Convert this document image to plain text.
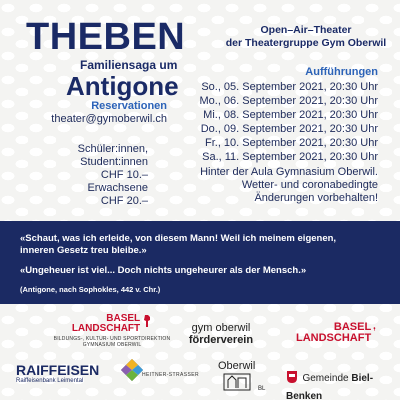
THEBEN
Familiensaga um
Antigone
Reservationen
theater@gymoberwil.ch
Schüler:innen,
Student:innen
CHF 10.–
Erwachsene
CHF 20.–
Open–Air–Theater
der Theatergruppe Gym Oberwil
Aufführungen
So., 05. September 2021, 20:30 Uhr
Mo., 06. September 2021, 20:30 Uhr
Mi., 08. September 2021, 20:30 Uhr
Do., 09. September 2021, 20:30 Uhr
Fr., 10. September 2021, 20:30 Uhr
Sa., 11. September 2021, 20:30 Uhr
Hinter der Aula Gymnasium Oberwil.
Wetter- und coronabedingte
Änderungen vorbehalten!
«Schaut, was ich erleide, von diesem Mann! Weil ich meinem eigenen,
inneren Gesetz treu bleibe.»
«Ungeheuer ist viel... Doch nichts ungeheurer als der Mensch.»
(Antigone, nach Sophokles, 442 v. Chr.)
BASEL
LANDSCHAFT
BILDUNGS-, KULTUR- UND SPORTDIREKTION
GYMNASIUM OBERWIL
gym oberwil
förderverein
BASEL
LANDSCHAFT
RAIFFEISEN
Raiffeisenbank Leimental
HEITNER-STRASSER
Oberwil
BL
Gemeinde Biel-Benken
